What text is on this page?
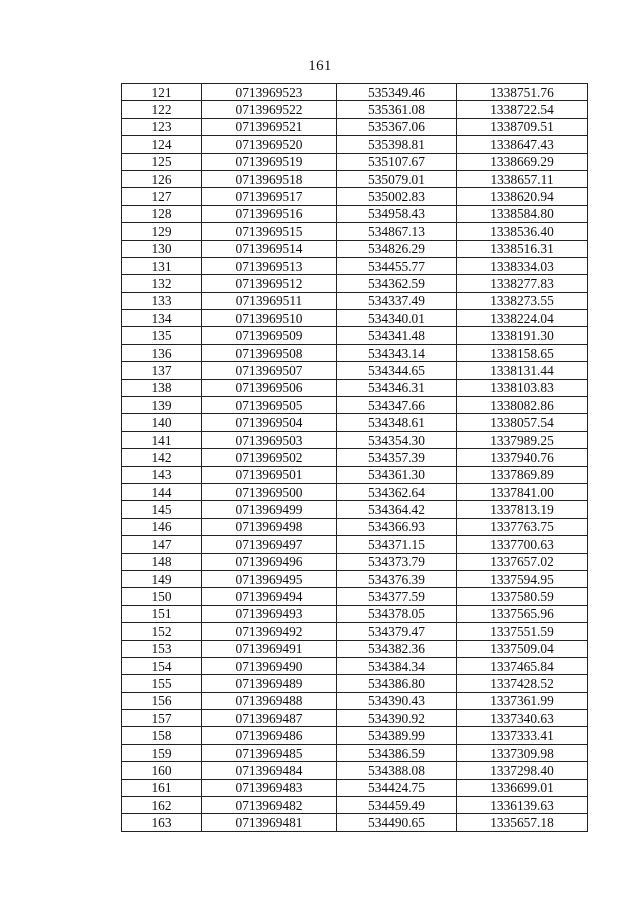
161
121	0713969523	535349.46	1338751.76
122	0713969522	535361.08	1338722.54
123	0713969521	535367.06	1338709.51
124	0713969520	535398.81	1338647.43
125	0713969519	535107.67	1338669.29
126	0713969518	535079.01	1338657.11
127	0713969517	535002.83	1338620.94
128	0713969516	534958.43	1338584.80
129	0713969515	534867.13	1338536.40
130	0713969514	534826.29	1338516.31
131	0713969513	534455.77	1338334.03
132	0713969512	534362.59	1338277.83
133	0713969511	534337.49	1338273.55
134	0713969510	534340.01	1338224.04
135	0713969509	534341.48	1338191.30
136	0713969508	534343.14	1338158.65
137	0713969507	534344.65	1338131.44
138	0713969506	534346.31	1338103.83
139	0713969505	534347.66	1338082.86
140	0713969504	534348.61	1338057.54
141	0713969503	534354.30	1337989.25
142	0713969502	534357.39	1337940.76
143	0713969501	534361.30	1337869.89
144	0713969500	534362.64	1337841.00
145	0713969499	534364.42	1337813.19
146	0713969498	534366.93	1337763.75
147	0713969497	534371.15	1337700.63
148	0713969496	534373.79	1337657.02
149	0713969495	534376.39	1337594.95
150	0713969494	534377.59	1337580.59
151	0713969493	534378.05	1337565.96
152	0713969492	534379.47	1337551.59
153	0713969491	534382.36	1337509.04
154	0713969490	534384.34	1337465.84
155	0713969489	534386.80	1337428.52
156	0713969488	534390.43	1337361.99
157	0713969487	534390.92	1337340.63
158	0713969486	534389.99	1337333.41
159	0713969485	534386.59	1337309.98
160	0713969484	534388.08	1337298.40
161	0713969483	534424.75	1336699.01
162	0713969482	534459.49	1336139.63
163	0713969481	534490.65	1335657.18
